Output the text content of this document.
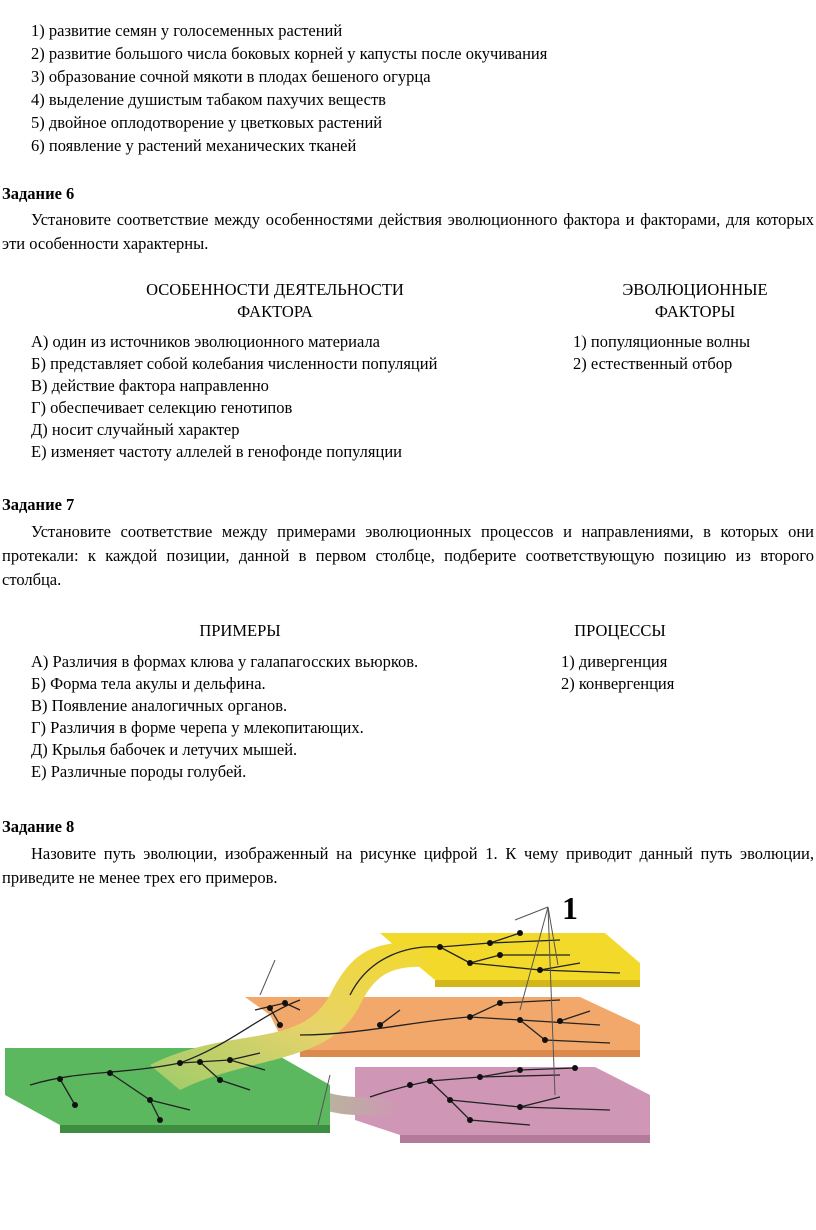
1) развитие семян у голосеменных растений
2) развитие большого числа боковых корней у капусты после окучивания
3) образование сочной мякоти в плодах бешеного огурца
4) выделение душистым табаком пахучих веществ
5) двойное оплодотворение у цветковых растений
6) появление у растений механических тканей
Задание 6
Установите соответствие между особенностями действия эволюционного фактора и факторами, для которых эти особенности характерны.
ОСОБЕННОСТИ ДЕЯТЕЛЬНОСТИ
ФАКТОРА
ЭВОЛЮЦИОННЫЕ
ФАКТОРЫ
А) один из источников эволюционного материала
Б) представляет собой колебания численности популяций
В) действие фактора направленно
Г) обеспечивает селекцию генотипов
Д) носит случайный характер
Е) изменяет частоту аллелей в генофонде популяции
1) популяционные волны
2) естественный отбор
Задание 7
Установите соответствие между примерами эволюционных процессов и направлениями, в которых они протекали: к каждой позиции, данной в первом столбце, подберите соответствующую позицию из второго столбца.
ПРИМЕРЫ	ПРОЦЕССЫ
А) Различия в формах клюва у галапагосских вьюрков.
Б) Форма тела акулы и дельфина.
В) Появление аналогичных органов.
Г) Различия в форме черепа у млекопитающих.
Д) Крылья бабочек и летучих мышей.
Е) Различные породы голубей.
1) дивергенция
2) конвергенция
Задание 8
Назовите путь эволюции, изображенный на рисунке цифрой 1. К чему приводит данный путь эволюции, приведите не менее трех его примеров.
1
